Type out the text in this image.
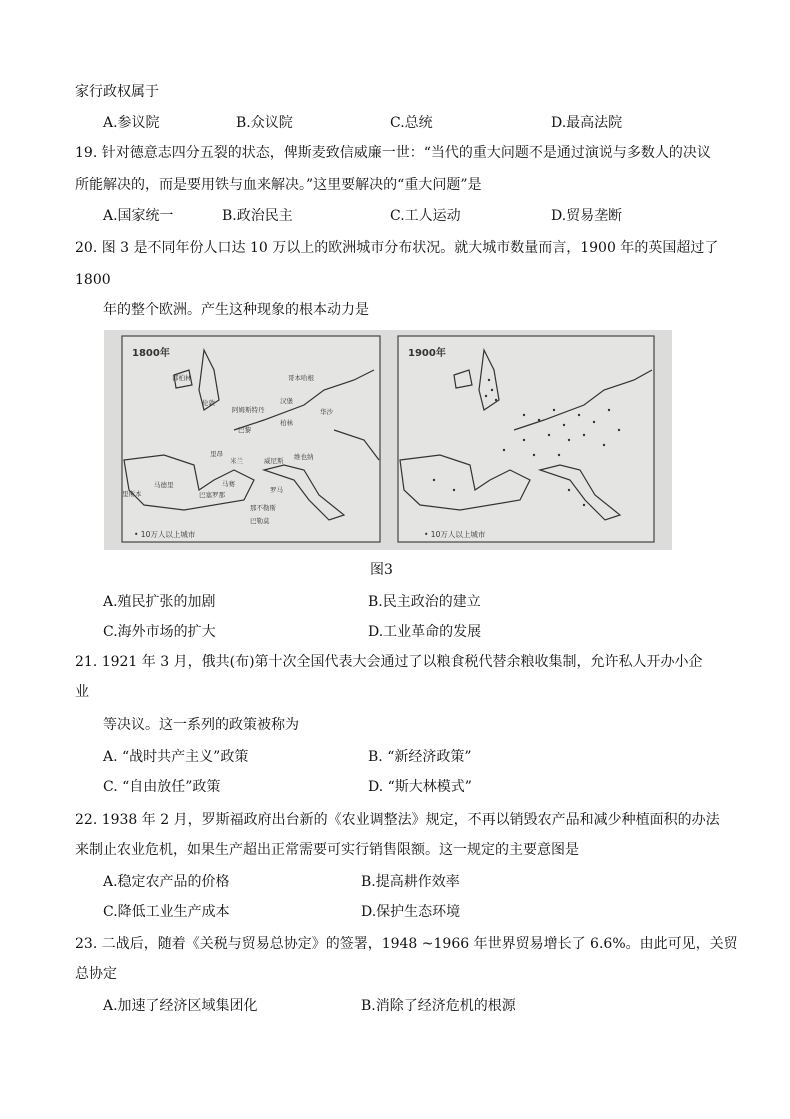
家行政权属于
A.参议院	B.众议院	C.总统	D.最高法院
19. 针对德意志四分五裂的状态，俾斯麦致信威廉一世：“当代的重大问题不是通过演说与多数人的决议
所能解决的，而是要用铁与血来解决。”这里要解决的“重大问题”是
A.国家统一	B.政治民主	C.工人运动	D.贸易垄断
20. 图 3 是不同年份人口达 10 万以上的欧洲城市分布状况。就大城市数量而言，1900 年的英国超过了
1800
年的整个欧洲。产生这种现象的根本动力是
1800年
都柏林
伦敦
阿姆斯特丹
汉堡
哥本哈根
柏林
华沙
巴黎
里昂
米兰	威尼斯 维也纳
马德里
里斯本
马赛
巴塞罗那
罗马
那不勒斯
巴勒莫
• 10万人以上城市
1900年
• 10万人以上城市
图3
A.殖民扩张的加剧	B.民主政治的建立
C.海外市场的扩大	D.工业革命的发展
21. 1921 年 3 月，俄共(布)第十次全国代表大会通过了以粮食税代替余粮收集制，允许私人开办小企
业
等决议。这一系列的政策被称为
A. “战时共产主义”政策	B. “新经济政策”
C. “自由放任”政策	D. “斯大林模式”
22. 1938 年 2 月，罗斯福政府出台新的《农业调整法》规定，不再以销毁农产品和减少种植面积的办法
来制止农业危机，如果生产超出正常需要可实行销售限额。这一规定的主要意图是
A.稳定农产品的价格	B.提高耕作效率
C.降低工业生产成本	D.保护生态环境
23. 二战后，随着《关税与贸易总协定》的签署，1948 ~1966 年世界贸易增长了 6.6%。由此可见，关贸
总协定
A.加速了经济区域集团化	B.消除了经济危机的根源
